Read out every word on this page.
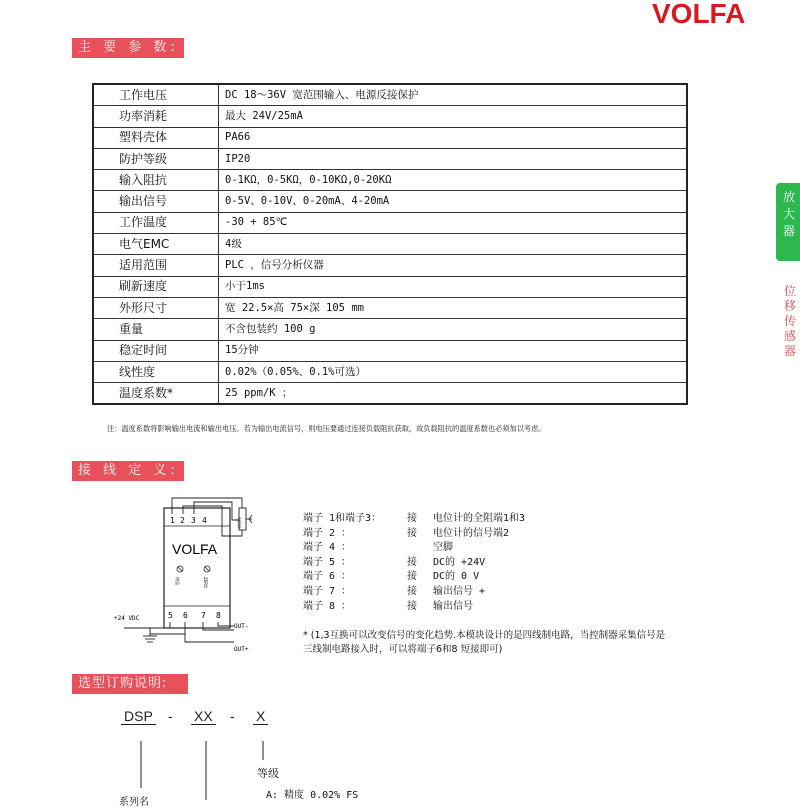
VOLFA
主 要 参 数:
工作电压	DC 18～36V 宽范围输入、电源反接保护
功率消耗	最大 24V/25mA
塑料壳体	PA66
防护等级	IP20
输入阻抗	0-1KΩ，0-5KΩ，0-10KΩ,0-20KΩ
输出信号	0-5V、0-10V、0-20mA、4-20mA
工作温度	-30 + 85℃
电气EMC	4级
适用范围	PLC ，信号分析仪器
刷新速度	小于1ms
外形尺寸	宽 22.5×高 75×深 105 mm
重量	不含包装约 100 g
稳定时间	15分钟
线性度	0.02%（0.05%、0.1%可选）
温度系数*	25 ppm/K ；
注：温度系数将影响输出电流和输出电压。若为输出电流信号，则电压要通过连接负载阻抗获取，故负载阻抗的温度系数也必须加以考虑。
放
大
器
位
移
传
感
器
接 线 定 义:
1 2 3 4
5 6 7 8
VOLFA
增益	ZERO
电位计
+24 VDC
OUT-
OUT+
端子 1和端子3：	接 电位计的全阻端1和3
端子 2 ：	接 电位计的信号端2
端子 4 ：	空脚
端子 5 ：	接 DC的 +24V
端子 6 ：	接 DC的 0 V
端子 7 ：	接 输出信号 +
端子 8 ：	接 输出信号
* (1,3互换可以改变信号的变化趋势.本模块设计的是四线制电路，当控制器采集信号是
三线制电路接入时，可以将端子6和8 短接即可)
选型订购说明:
DSP - XX - X
等级
A: 精度 0.02% FS
系列名
